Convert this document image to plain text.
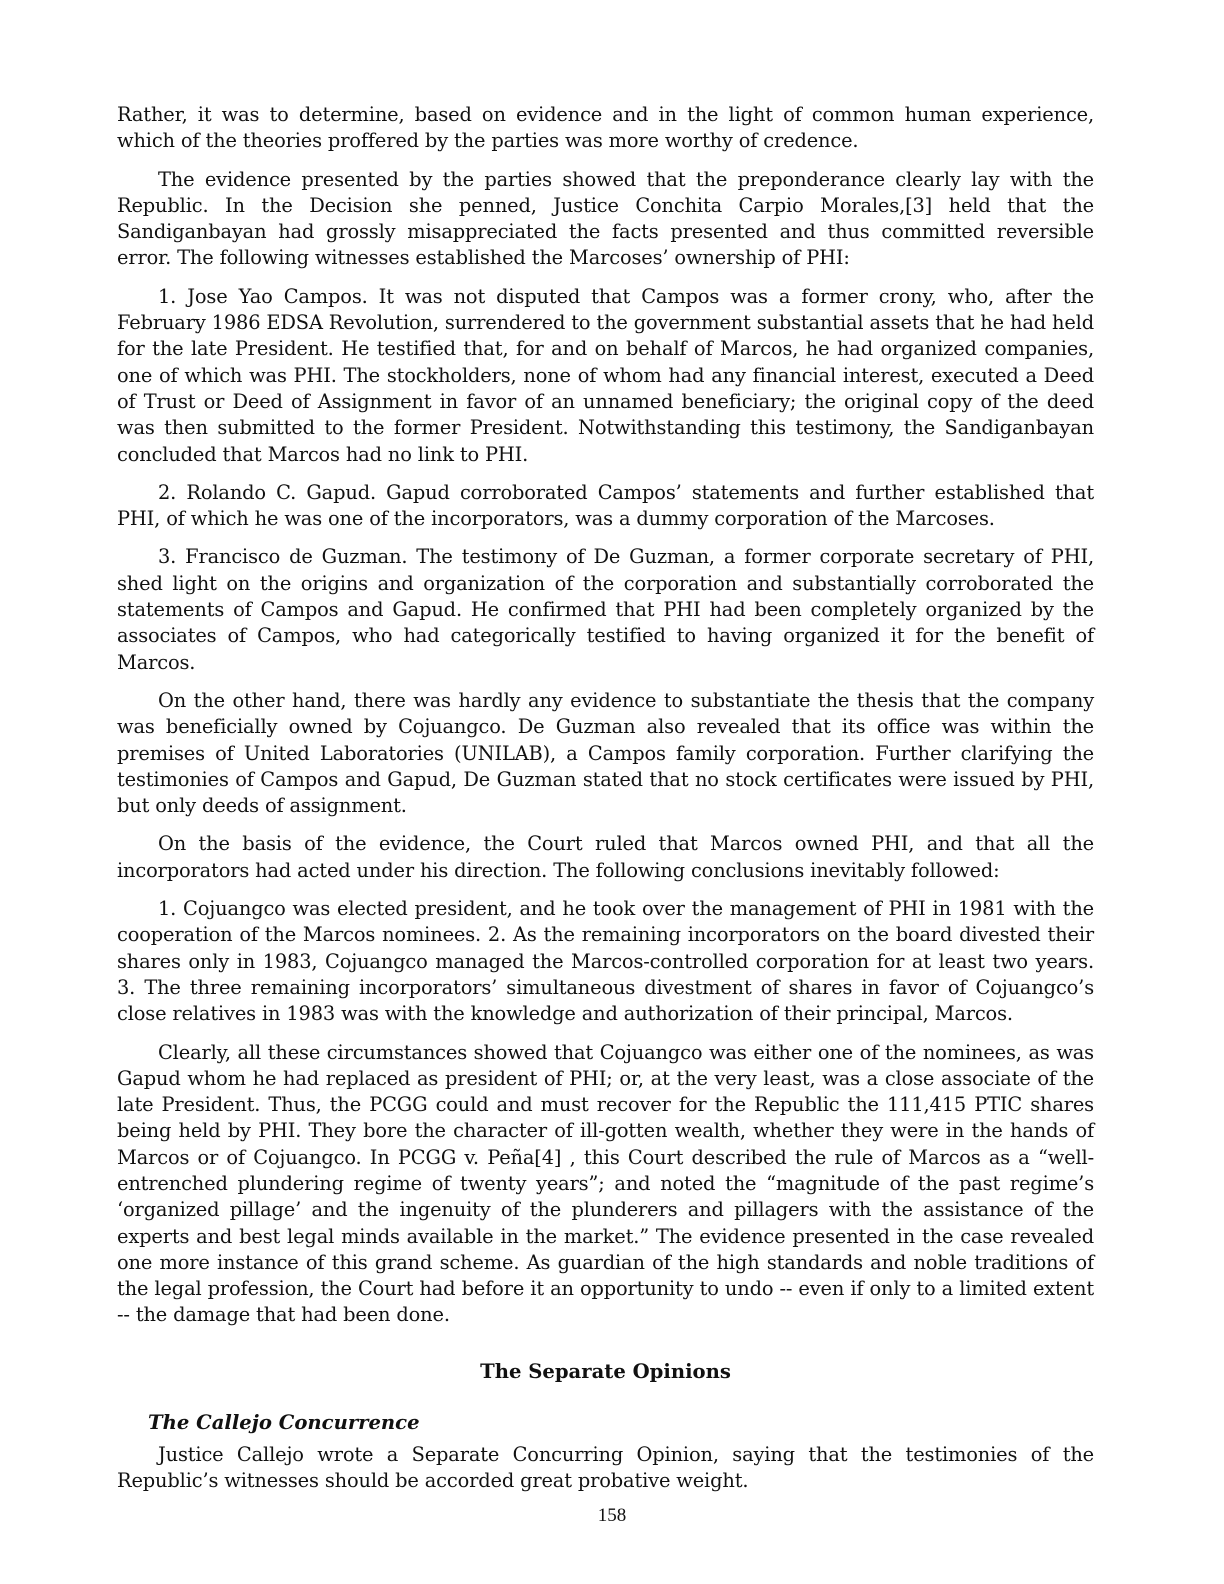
Rather, it was to determine, based on evidence and in the light of common human experience, which of the theories proffered by the parties was more worthy of credence.

The evidence presented by the parties showed that the preponderance clearly lay with the Republic. In the Decision she penned, Justice Conchita Carpio Morales,[3] held that the Sandiganbayan had grossly misappreciated the facts presented and thus committed reversible error. The following witnesses established the Marcoses’ ownership of PHI:

1. Jose Yao Campos. It was not disputed that Campos was a former crony, who, after the February 1986 EDSA Revolution, surrendered to the government substantial assets that he had held for the late President. He testified that, for and on behalf of Marcos, he had organized companies, one of which was PHI. The stockholders, none of whom had any financial interest, executed a Deed of Trust or Deed of Assignment in favor of an unnamed beneficiary; the original copy of the deed was then submitted to the former President. Notwithstanding this testimony, the Sandiganbayan concluded that Marcos had no link to PHI.

2. Rolando C. Gapud. Gapud corroborated Campos’ statements and further established that PHI, of which he was one of the incorporators, was a dummy corporation of the Marcoses.

3. Francisco de Guzman. The testimony of De Guzman, a former corporate secretary of PHI, shed light on the origins and organization of the corporation and substantially corroborated the statements of Campos and Gapud. He confirmed that PHI had been completely organized by the associates of Campos, who had categorically testified to having organized it for the benefit of Marcos.

On the other hand, there was hardly any evidence to substantiate the thesis that the company was beneficially owned by Cojuangco. De Guzman also revealed that its office was within the premises of United Laboratories (UNILAB), a Campos family corporation. Further clarifying the testimonies of Campos and Gapud, De Guzman stated that no stock certificates were issued by PHI, but only deeds of assignment.

On the basis of the evidence, the Court ruled that Marcos owned PHI, and that all the incorporators had acted under his direction. The following conclusions inevitably followed:

1. Cojuangco was elected president, and he took over the management of PHI in 1981 with the cooperation of the Marcos nominees. 2. As the remaining incorporators on the board divested their shares only in 1983, Cojuangco managed the Marcos-controlled corporation for at least two years. 3. The three remaining incorporators’ simultaneous divestment of shares in favor of Cojuangco’s close relatives in 1983 was with the knowledge and authorization of their principal, Marcos.

Clearly, all these circumstances showed that Cojuangco was either one of the nominees, as was Gapud whom he had replaced as president of PHI; or, at the very least, was a close associate of the late President. Thus, the PCGG could and must recover for the Republic the 111,415 PTIC shares being held by PHI. They bore the character of ill-gotten wealth, whether they were in the hands of Marcos or of Cojuangco. In PCGG v. Peña[4] , this Court described the rule of Marcos as a “well- entrenched plundering regime of twenty years”; and noted the “magnitude of the past regime’s ‘organized pillage’ and the ingenuity of the plunderers and pillagers with the assistance of the experts and best legal minds available in the market.” The evidence presented in the case revealed one more instance of this grand scheme. As guardian of the high standards and noble traditions of the legal profession, the Court had before it an opportunity to undo -- even if only to a limited extent -- the damage that had been done.

The Separate Opinions
The Callejo Concurrence

Justice Callejo wrote a Separate Concurring Opinion, saying that the testimonies of the Republic’s witnesses should be accorded great probative weight.

158
